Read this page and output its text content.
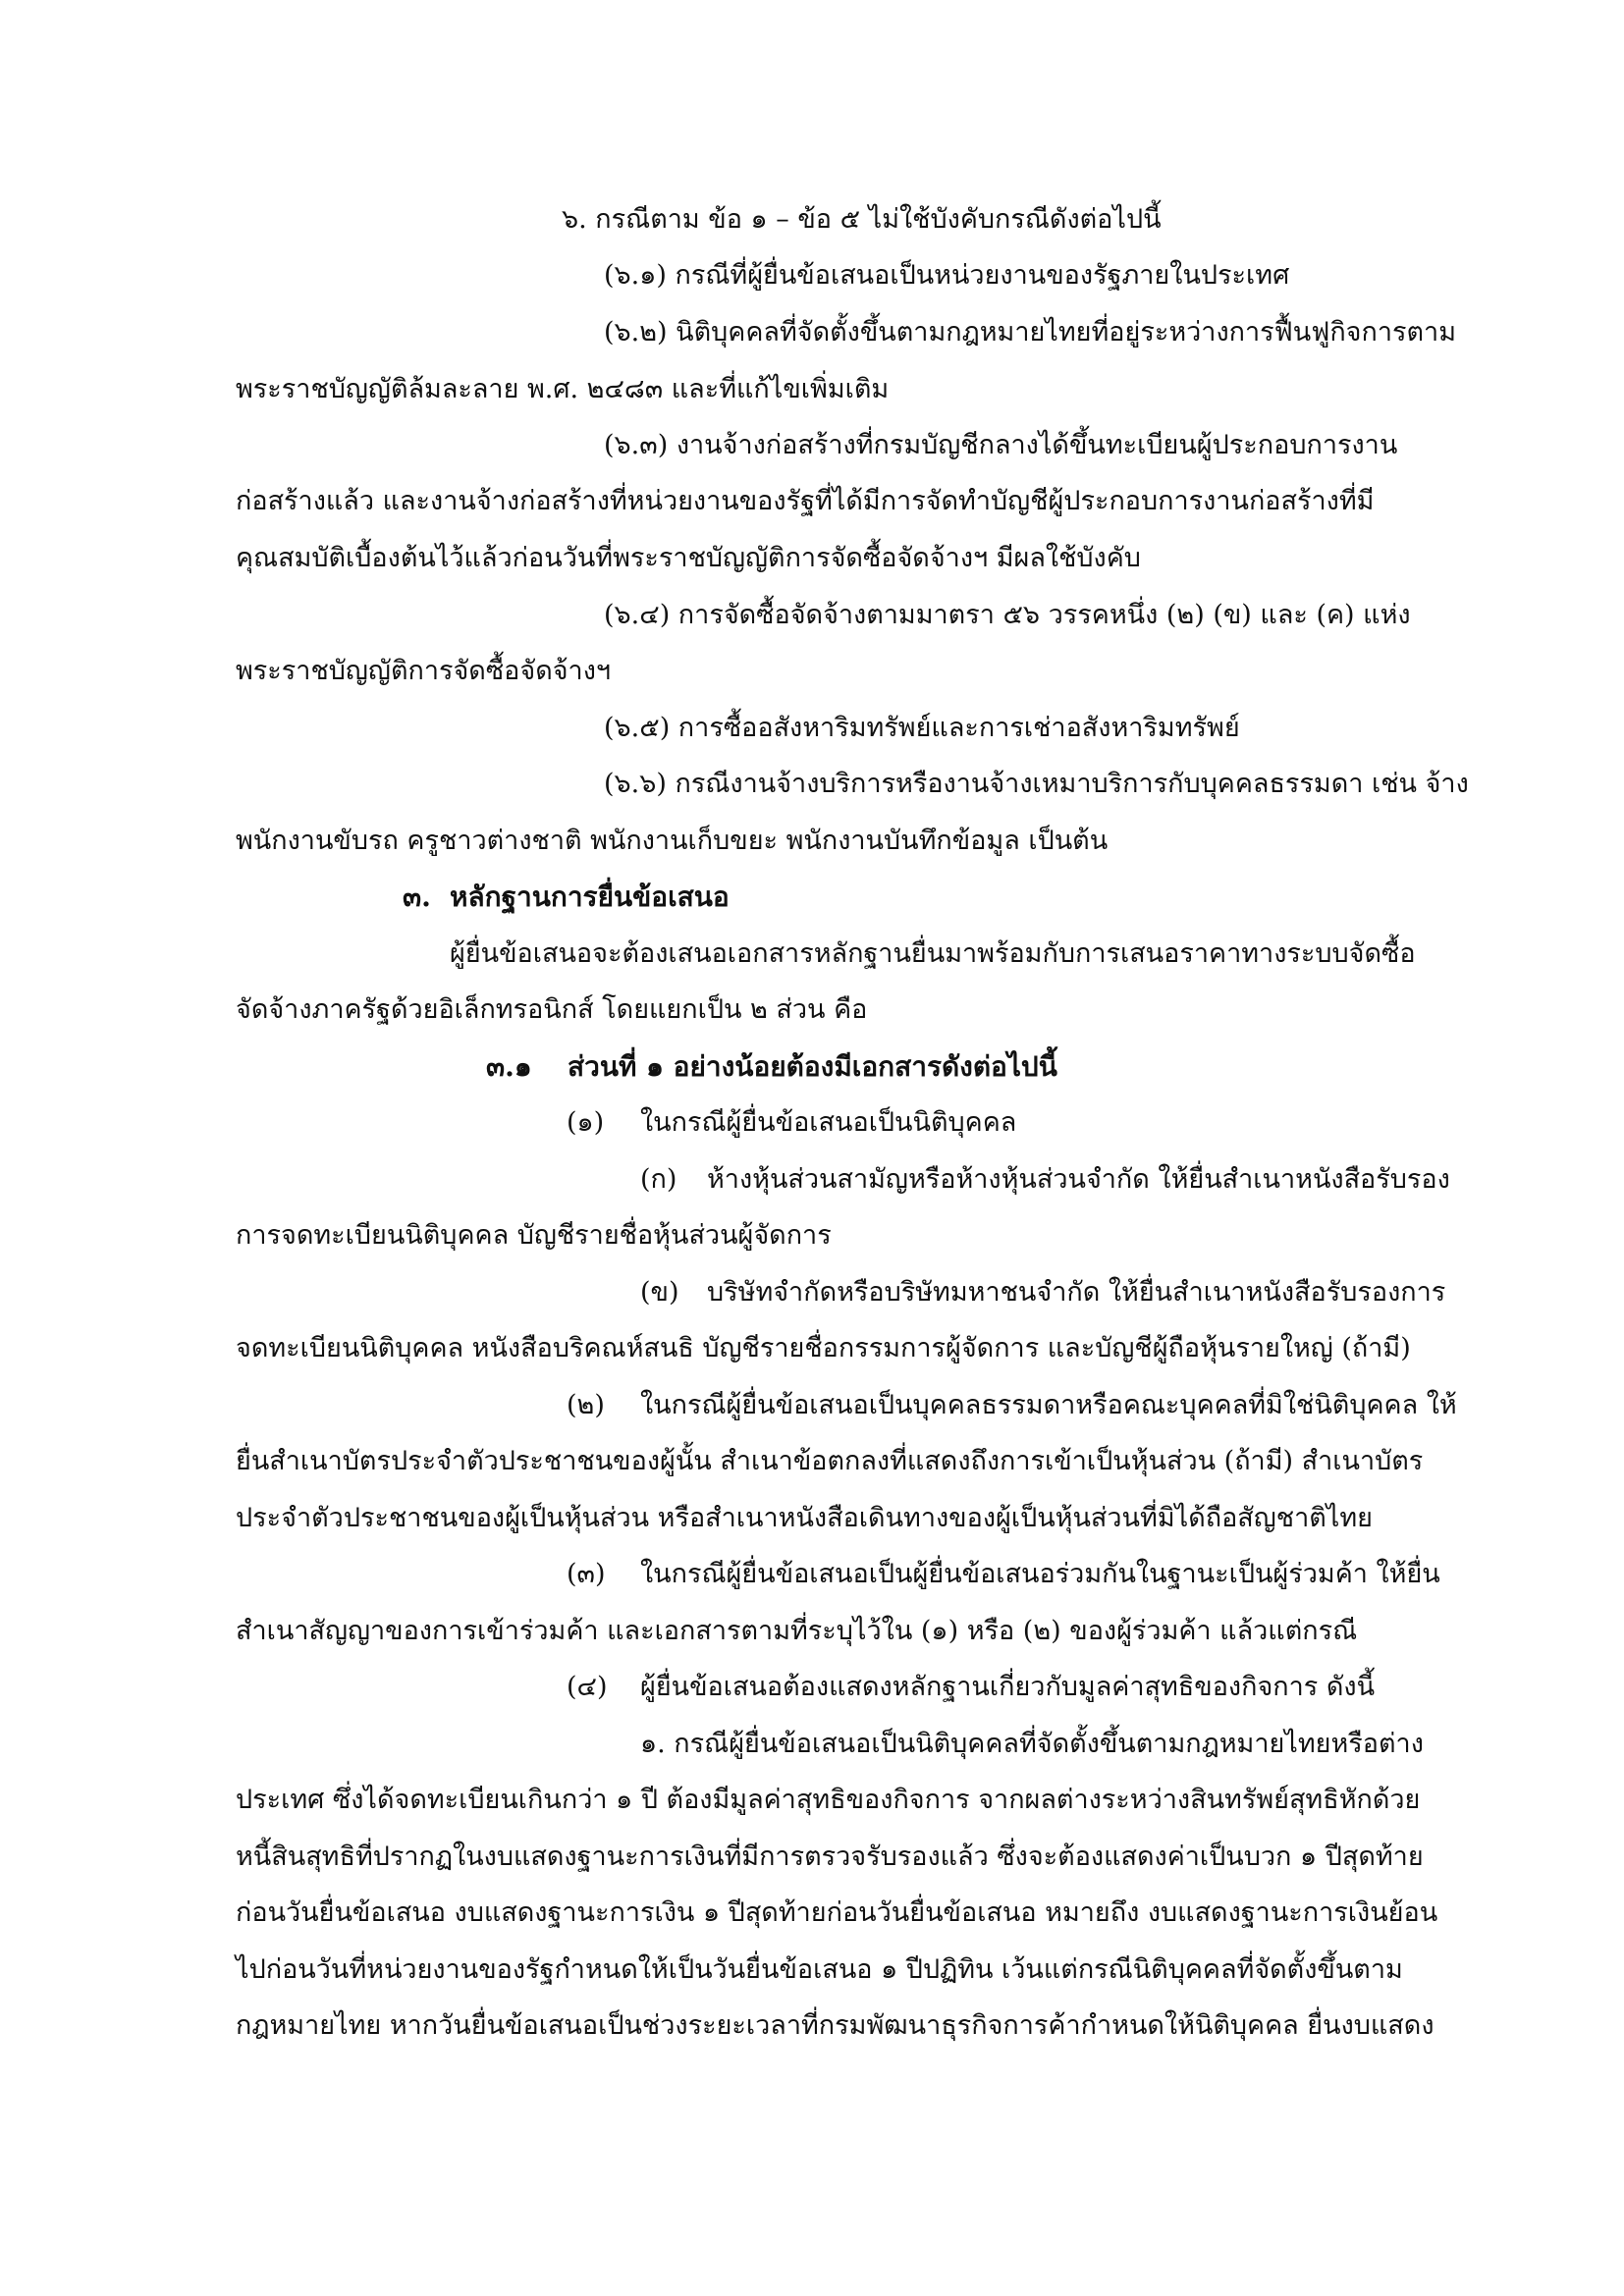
๖. กรณีตาม ข้อ ๑ – ข้อ ๕ ไม่ใช้บังคับกรณีดังต่อไปนี้
(๖.๑) กรณีที่ผู้ยื่นข้อเสนอเป็นหน่วยงานของรัฐภายในประเทศ
(๖.๒) นิติบุคคลที่จัดตั้งขึ้นตามกฎหมายไทยที่อยู่ระหว่างการฟื้นฟูกิจการตาม
พระราชบัญญัติล้มละลาย พ.ศ. ๒๔๘๓ และที่แก้ไขเพิ่มเติม
(๖.๓) งานจ้างก่อสร้างที่กรมบัญชีกลางได้ขึ้นทะเบียนผู้ประกอบการงาน
ก่อสร้างแล้ว และงานจ้างก่อสร้างที่หน่วยงานของรัฐที่ได้มีการจัดทำบัญชีผู้ประกอบการงานก่อสร้างที่มี
คุณสมบัติเบื้องต้นไว้แล้วก่อนวันที่พระราชบัญญัติการจัดซื้อจัดจ้างฯ มีผลใช้บังคับ
(๖.๔) การจัดซื้อจัดจ้างตามมาตรา ๕๖ วรรคหนึ่ง (๒) (ข) และ (ค) แห่ง
พระราชบัญญัติการจัดซื้อจัดจ้างฯ
(๖.๕) การซื้ออสังหาริมทรัพย์และการเช่าอสังหาริมทรัพย์
(๖.๖) กรณีงานจ้างบริการหรืองานจ้างเหมาบริการกับบุคคลธรรมดา เช่น จ้าง
พนักงานขับรถ ครูชาวต่างชาติ พนักงานเก็บขยะ พนักงานบันทึกข้อมูล เป็นต้น
๓. หลักฐานการยื่นข้อเสนอ
ผู้ยื่นข้อเสนอจะต้องเสนอเอกสารหลักฐานยื่นมาพร้อมกับการเสนอราคาทางระบบจัดซื้อ
จัดจ้างภาครัฐด้วยอิเล็กทรอนิกส์ โดยแยกเป็น ๒ ส่วน คือ
๓.๑ ส่วนที่ ๑ อย่างน้อยต้องมีเอกสารดังต่อไปนี้
(๑) ในกรณีผู้ยื่นข้อเสนอเป็นนิติบุคคล
(ก) ห้างหุ้นส่วนสามัญหรือห้างหุ้นส่วนจำกัด ให้ยื่นสำเนาหนังสือรับรอง
การจดทะเบียนนิติบุคคล บัญชีรายชื่อหุ้นส่วนผู้จัดการ
(ข) บริษัทจำกัดหรือบริษัทมหาชนจำกัด ให้ยื่นสำเนาหนังสือรับรองการ
จดทะเบียนนิติบุคคล หนังสือบริคณห์สนธิ บัญชีรายชื่อกรรมการผู้จัดการ และบัญชีผู้ถือหุ้นรายใหญ่ (ถ้ามี)
(๒) ในกรณีผู้ยื่นข้อเสนอเป็นบุคคลธรรมดาหรือคณะบุคคลที่มิใช่นิติบุคคล ให้
ยื่นสำเนาบัตรประจำตัวประชาชนของผู้นั้น สำเนาข้อตกลงที่แสดงถึงการเข้าเป็นหุ้นส่วน (ถ้ามี) สำเนาบัตร
ประจำตัวประชาชนของผู้เป็นหุ้นส่วน หรือสำเนาหนังสือเดินทางของผู้เป็นหุ้นส่วนที่มิได้ถือสัญชาติไทย
(๓) ในกรณีผู้ยื่นข้อเสนอเป็นผู้ยื่นข้อเสนอร่วมกันในฐานะเป็นผู้ร่วมค้า ให้ยื่น
สำเนาสัญญาของการเข้าร่วมค้า และเอกสารตามที่ระบุไว้ใน (๑) หรือ (๒) ของผู้ร่วมค้า แล้วแต่กรณี
(๔) ผู้ยื่นข้อเสนอต้องแสดงหลักฐานเกี่ยวกับมูลค่าสุทธิของกิจการ ดังนี้
๑. กรณีผู้ยื่นข้อเสนอเป็นนิติบุคคลที่จัดตั้งขึ้นตามกฎหมายไทยหรือต่าง
ประเทศ ซึ่งได้จดทะเบียนเกินกว่า ๑ ปี ต้องมีมูลค่าสุทธิของกิจการ จากผลต่างระหว่างสินทรัพย์สุทธิหักด้วย
หนี้สินสุทธิที่ปรากฏในงบแสดงฐานะการเงินที่มีการตรวจรับรองแล้ว ซึ่งจะต้องแสดงค่าเป็นบวก ๑ ปีสุดท้าย
ก่อนวันยื่นข้อเสนอ งบแสดงฐานะการเงิน ๑ ปีสุดท้ายก่อนวันยื่นข้อเสนอ หมายถึง งบแสดงฐานะการเงินย้อน
ไปก่อนวันที่หน่วยงานของรัฐกำหนดให้เป็นวันยื่นข้อเสนอ ๑ ปีปฏิทิน เว้นแต่กรณีนิติบุคคลที่จัดตั้งขึ้นตาม
กฎหมายไทย หากวันยื่นข้อเสนอเป็นช่วงระยะเวลาที่กรมพัฒนาธุรกิจการค้ากำหนดให้นิติบุคคล ยื่นงบแสดง
